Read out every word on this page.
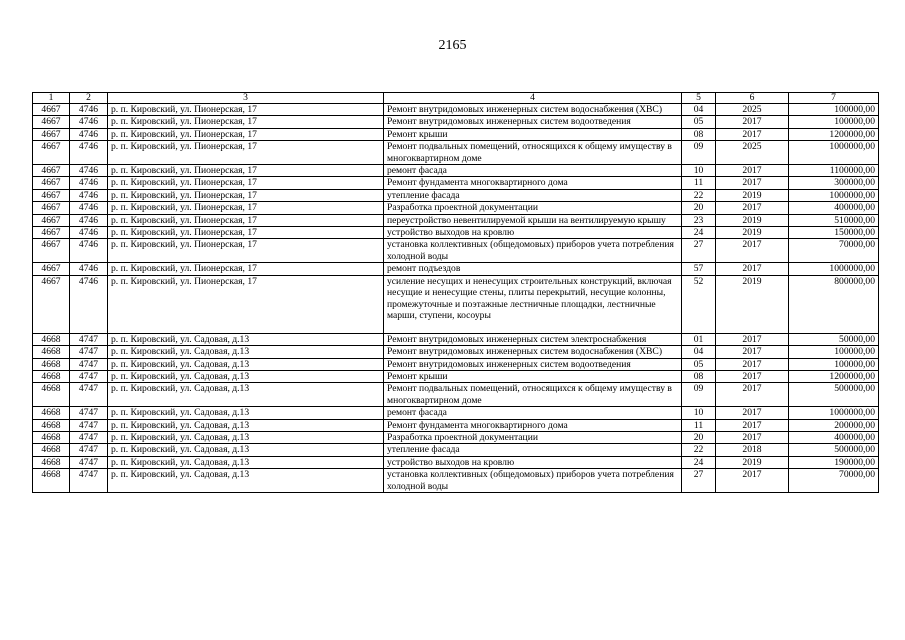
2165
1	2	3	4	5	6	7
4667	4746	р. п. Кировский, ул. Пионерская, 17	Ремонт внутридомовых инженерных систем водоснабжения (ХВС)	04	2025	100000,00
4667	4746	р. п. Кировский, ул. Пионерская, 17	Ремонт внутридомовых инженерных систем водоотведения	05	2017	100000,00
4667	4746	р. п. Кировский, ул. Пионерская, 17	Ремонт крыши	08	2017	1200000,00
4667	4746	р. п. Кировский, ул. Пионерская, 17	Ремонт подвальных помещений, относящихся к общему имуществу в многоквартирном доме	09	2025	1000000,00
4667	4746	р. п. Кировский, ул. Пионерская, 17	ремонт фасада	10	2017	1100000,00
4667	4746	р. п. Кировский, ул. Пионерская, 17	Ремонт фундамента многоквартирного дома	11	2017	300000,00
4667	4746	р. п. Кировский, ул. Пионерская, 17	утепление фасада	22	2019	1000000,00
4667	4746	р. п. Кировский, ул. Пионерская, 17	Разработка проектной документации	20	2017	400000,00
4667	4746	р. п. Кировский, ул. Пионерская, 17	переустройство невентилируемой крыши на вентилируемую крышу	23	2019	510000,00
4667	4746	р. п. Кировский, ул. Пионерская, 17	устройство выходов на кровлю	24	2019	150000,00
4667	4746	р. п. Кировский, ул. Пионерская, 17	установка коллективных (общедомовых) приборов учета потребления холодной воды	27	2017	70000,00
4667	4746	р. п. Кировский, ул. Пионерская, 17	ремонт подъездов	57	2017	1000000,00
4667	4746	р. п. Кировский, ул. Пионерская, 17	усиление несущих и ненесущих строительных конструкций, включая несущие и ненесущие стены, плиты перекрытий, несущие колонны, промежуточные и поэтажные лестничные площадки, лестничные марши, ступени, косоуры	52	2019	800000,00
4668	4747	р. п. Кировский, ул. Садовая, д.13	Ремонт внутридомовых инженерных систем электроснабжения	01	2017	50000,00
4668	4747	р. п. Кировский, ул. Садовая, д.13	Ремонт внутридомовых инженерных систем водоснабжения (ХВС)	04	2017	100000,00
4668	4747	р. п. Кировский, ул. Садовая, д.13	Ремонт внутридомовых инженерных систем водоотведения	05	2017	100000,00
4668	4747	р. п. Кировский, ул. Садовая, д.13	Ремонт крыши	08	2017	1200000,00
4668	4747	р. п. Кировский, ул. Садовая, д.13	Ремонт подвальных помещений, относящихся к общему имуществу в многоквартирном доме	09	2017	500000,00
4668	4747	р. п. Кировский, ул. Садовая, д.13	ремонт фасада	10	2017	1000000,00
4668	4747	р. п. Кировский, ул. Садовая, д.13	Ремонт фундамента многоквартирного дома	11	2017	200000,00
4668	4747	р. п. Кировский, ул. Садовая, д.13	Разработка проектной документации	20	2017	400000,00
4668	4747	р. п. Кировский, ул. Садовая, д.13	утепление фасада	22	2018	500000,00
4668	4747	р. п. Кировский, ул. Садовая, д.13	устройство выходов на кровлю	24	2019	190000,00
4668	4747	р. п. Кировский, ул. Садовая, д.13	установка коллективных (общедомовых) приборов учета потребления холодной воды	27	2017	70000,00
